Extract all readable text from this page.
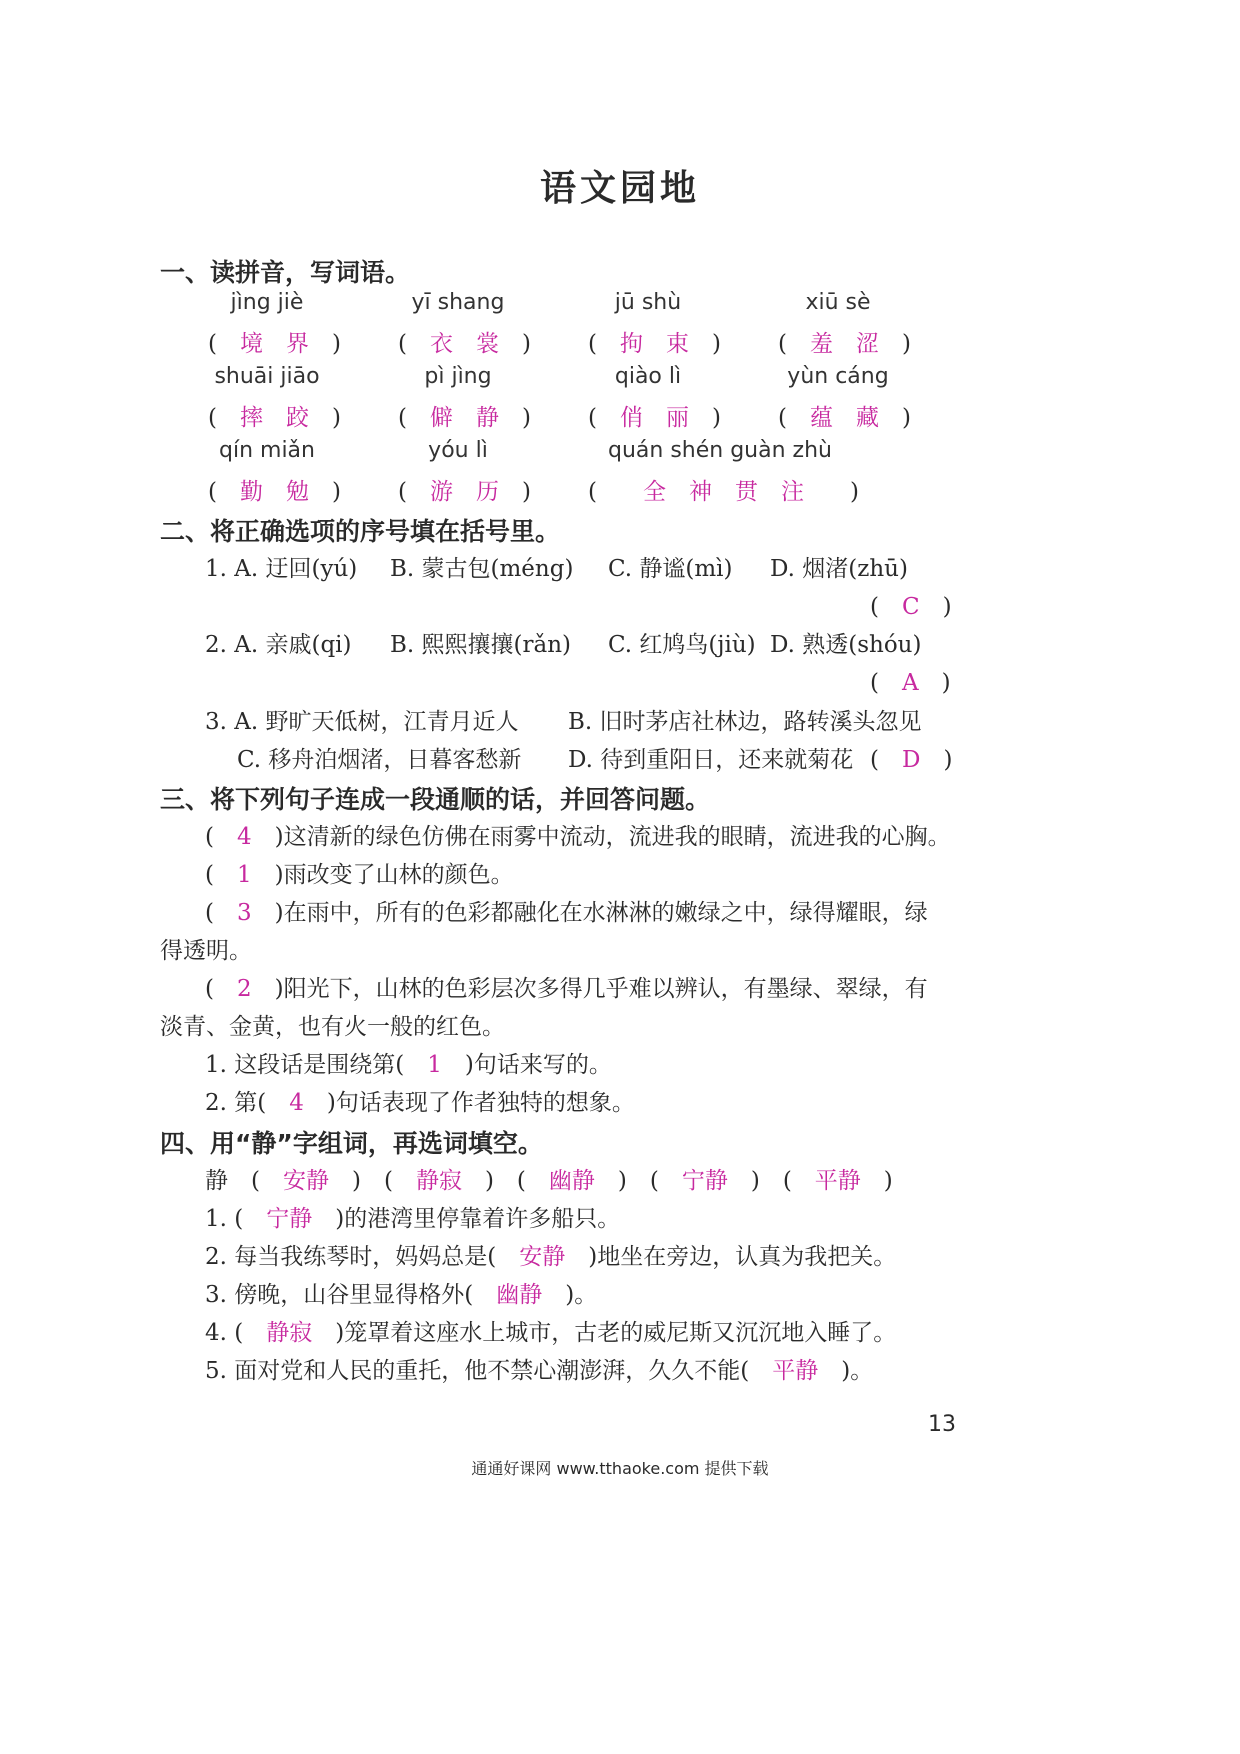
语文园地
一、读拼音，写词语。
jìng jiè	yī shang	jū shù	xiū sè
(　境　界　) (　衣　裳　) (　拘　束　) (　羞　涩　)
shuāi jiāo	pì jìng	qiào lì	yùn cáng
(　摔　跤　) (　僻　静　) (　俏　丽　) (　蕴　藏　)
qín miǎn	yóu lì	quán shén guàn zhù
(　勤　勉　) (　游　历　) (　　全　神　贯　注　　)
二、将正确选项的序号填在括号里。
1. A. 迂回(yú) B. 蒙古包(méng) C. 静谧(mì) D. 烟渚(zhū)
(　C　)
2. A. 亲戚(qi) B. 熙熙攘攘(rǎn) C. 红鸠鸟(jiù) D. 熟透(shóu)
(　A　)
3. A. 野旷天低树，江青月近人 B. 旧时茅店社林边，路转溪头忽见
C. 移舟泊烟渚，日暮客愁新 D. 待到重阳日，还来就菊花 (　D　)
三、将下列句子连成一段通顺的话，并回答问题。
(　4　)这清新的绿色仿佛在雨雾中流动，流进我的眼睛，流进我的心胸。
(　1　)雨改变了山林的颜色。
(　3　)在雨中，所有的色彩都融化在水淋淋的嫩绿之中，绿得耀眼，绿
得透明。
(　2　)阳光下，山林的色彩层次多得几乎难以辨认，有墨绿、翠绿，有
淡青、金黄，也有火一般的红色。
1. 这段话是围绕第(　 1　 )句话来写的。
2. 第(　 4　 )句话表现了作者独特的想象。
四、用“静”字组词，再选词填空。
静　(　安静　)　(　静寂　)　(　幽静　)　(　宁静　)　(　平静　)
1. (　 宁静　 )的港湾里停靠着许多船只。
2. 每当我练琴时，妈妈总是(　 安静　 )地坐在旁边，认真为我把关。
3. 傍晚，山谷里显得格外(　 幽静　 )。
4. (　 静寂　 )笼罩着这座水上城市，古老的威尼斯又沉沉地入睡了。
5. 面对党和人民的重托，他不禁心潮澎湃，久久不能(　 平静　 )。
13
通通好课网 www.tthaoke.com 提供下载
